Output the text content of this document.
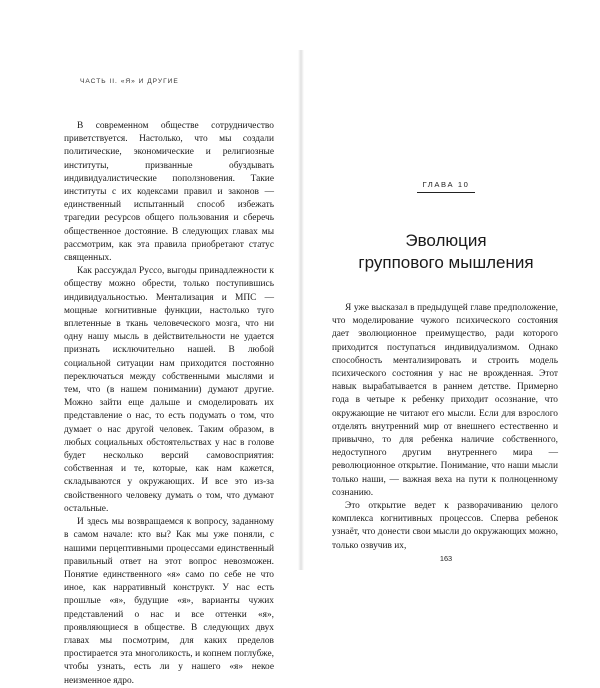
ЧАСТЬ II. «Я» И ДРУГИЕ

В современном обществе сотрудничество приветствуется. Настолько, что мы создали политические, экономические и религиозные институты, призванные обуздывать индивидуалистические поползновения. Такие институты с их кодексами правил и законов — единственный испытанный способ избежать трагедии ресурсов общего пользования и сберечь общественное достояние. В следующих главах мы рассмотрим, как эта правила приобретают статус священных.

Как рассуждал Руссо, выгоды принадлежности к обществу можно обрести, только поступившись индивидуальностью. Ментализация и МПС — мощные когнитивные функции, настолько туго вплетенные в ткань человеческого мозга, что ни одну нашу мысль в действительности не удается признать исключительно нашей. В любой социальной ситуации нам приходится постоянно переключаться между собственными мыслями и тем, что (в нашем понимании) думают другие. Можно зайти еще дальше и смоделировать их представление о нас, то есть подумать о том, что думает о нас другой человек. Таким образом, в любых социальных обстоятельствах у нас в голове будет несколько версий самовосприятия: собственная и те, которые, как нам кажется, складываются у окружающих. И все это из-за свойственного человеку думать о том, что думают остальные.

И здесь мы возвращаемся к вопросу, заданному в самом начале: кто вы? Как мы уже поняли, с нашими перцептивными процессами единственный правильный ответ на этот вопрос невозможен. Понятие единственного «я» само по себе не что иное, как нарративный конструкт. У нас есть прошлые «я», будущие «я», варианты чужих представлений о нас и все оттенки «я», проявляющиеся в обществе. В следующих двух главах мы посмотрим, для каких пределов простирается эта многоликость, и копнем поглубже, чтобы узнать, есть ли у нашего «я» некое неизменное ядро.

ГЛАВА 10
Эволюция
группового мышления

Я уже высказал в предыдущей главе предположение, что моделирование чужого психического состояния дает эволюционное преимущество, ради которого приходится поступаться индивидуализмом. Однако способность ментализировать и строить модель психического состояния у нас не врожденная. Этот навык вырабатывается в раннем детстве. Примерно года в четыре к ребенку приходит осознание, что окружающие не читают его мысли. Если для взрослого отделять внутренний мир от внешнего естественно и привычно, то для ребенка наличие собственного, недоступного другим внутреннего мира — революционное открытие. Понимание, что наши мысли только наши, — важная веха на пути к полноценному сознанию.

Это открытие ведет к разворачиванию целого комплекса когнитивных процессов. Сперва ребенок узнаёт, что донести свои мысли до окружающих можно, только озвучив их,

163
